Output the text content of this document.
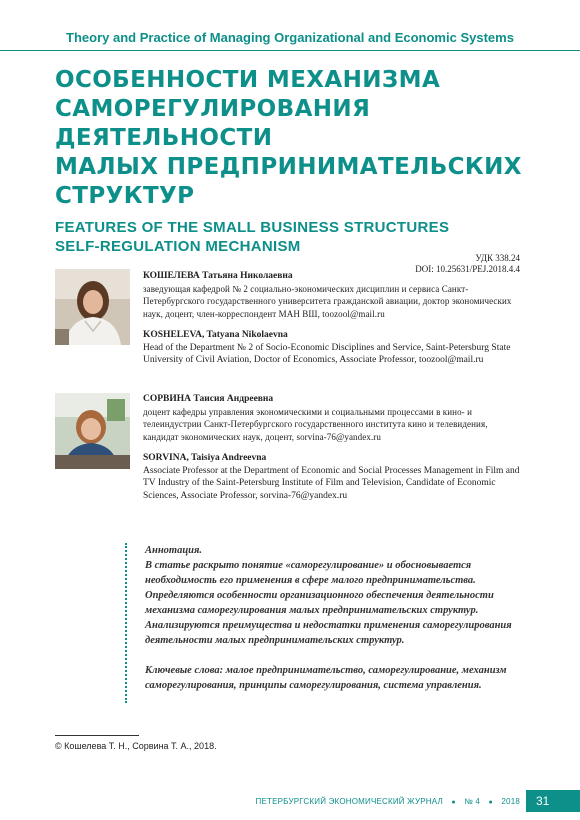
Theory and Practice of Managing Organizational and Economic Systems
ОСОБЕННОСТИ МЕХАНИЗМА
САМОРЕГУЛИРОВАНИЯ
ДЕЯТЕЛЬНОСТИ
МАЛЫХ ПРЕДПРИНИМАТЕЛЬСКИХ
СТРУКТУР
FEATURES OF THE SMALL BUSINESS STRUCTURES
SELF-REGULATION MECHANISM
УДК 338.24
DOI: 10.25631/PEJ.2018.4.4
КОШЕЛЕВА Татьяна Николаевна
заведующая кафедрой № 2 социально-экономических дисциплин и сервиса Санкт-Петербургского государственного университета гражданской авиации, доктор экономических наук, доцент, член-корреспондент МАН ВШ, toozool@mail.ru
KOSHELEVA, Tatyana Nikolaevna
Head of the Department № 2 of Socio-Economic Disciplines and Service, Saint-Petersburg State University of Civil Aviation, Doctor of Economics, Associate Professor, toozool@mail.ru
СОРВИНА Таисия Андреевна
доцент кафедры управления экономическими и социальными процессами в кино- и телеиндустрии Санкт-Петербургского государственного института кино и телевидения, кандидат экономических наук, доцент, sorvina-76@yandex.ru
SORVINA, Taisiya Andreevna
Associate Professor at the Department of Economic and Social Processes Management in Film and TV Industry of the Saint-Petersburg Institute of Film and Television, Candidate of Economic Sciences, Associate Professor, sorvina-76@yandex.ru
Аннотация.
В статье раскрыто понятие «саморегулирование» и обосновывается необходимость его применения в сфере малого предпринимательства. Определяются особенности организационного обеспечения деятельности механизма саморегулирования малых предпринимательских структур. Анализируются преимущества и недостатки применения саморегулирования деятельности малых предпринимательских структур.
Ключевые слова: малое предпринимательство, саморегулирование, механизм саморегулирования, принципы саморегулирования, система управления.
© Кошелева Т. Н., Сорвина Т. А., 2018.
ПЕТЕРБУРГСКИЙ ЭКОНОМИЧЕСКИЙ ЖУРНАЛ ● № 4 ● 2018	31
